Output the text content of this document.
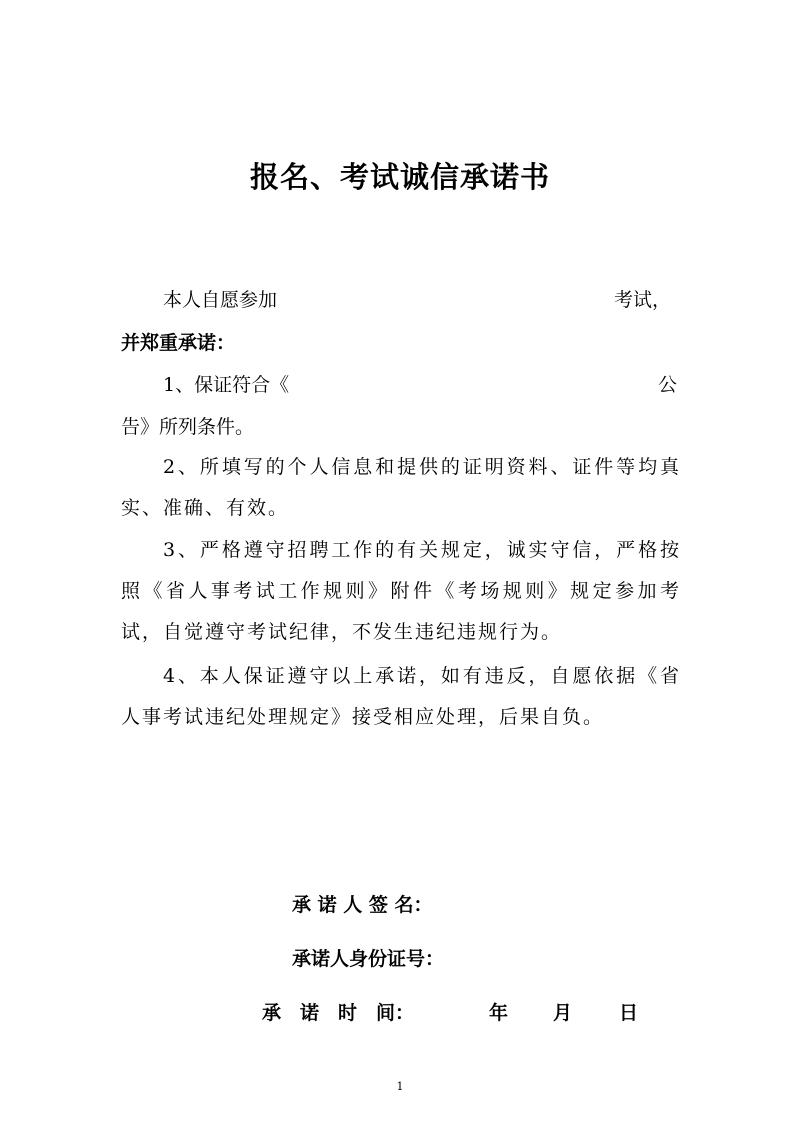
报名、考试诚信承诺书
本人自愿参加	考试，
并郑重承诺：
1、保证符合《	公
告》所列条件。
2、所填写的个人信息和提供的证明资料、证件等均真实、准确、有效。
3、严格遵守招聘工作的有关规定，诚实守信，严格按照《省人事考试工作规则》附件《考场规则》规定参加考试，自觉遵守考试纪律，不发生违纪违规行为。
4、本人保证遵守以上承诺，如有违反，自愿依据《省人事考试违纪处理规定》接受相应处理，后果自负。
承 诺 人 签 名：
承诺人身份证号：
承　诺　时　间：	年 月 日
1
